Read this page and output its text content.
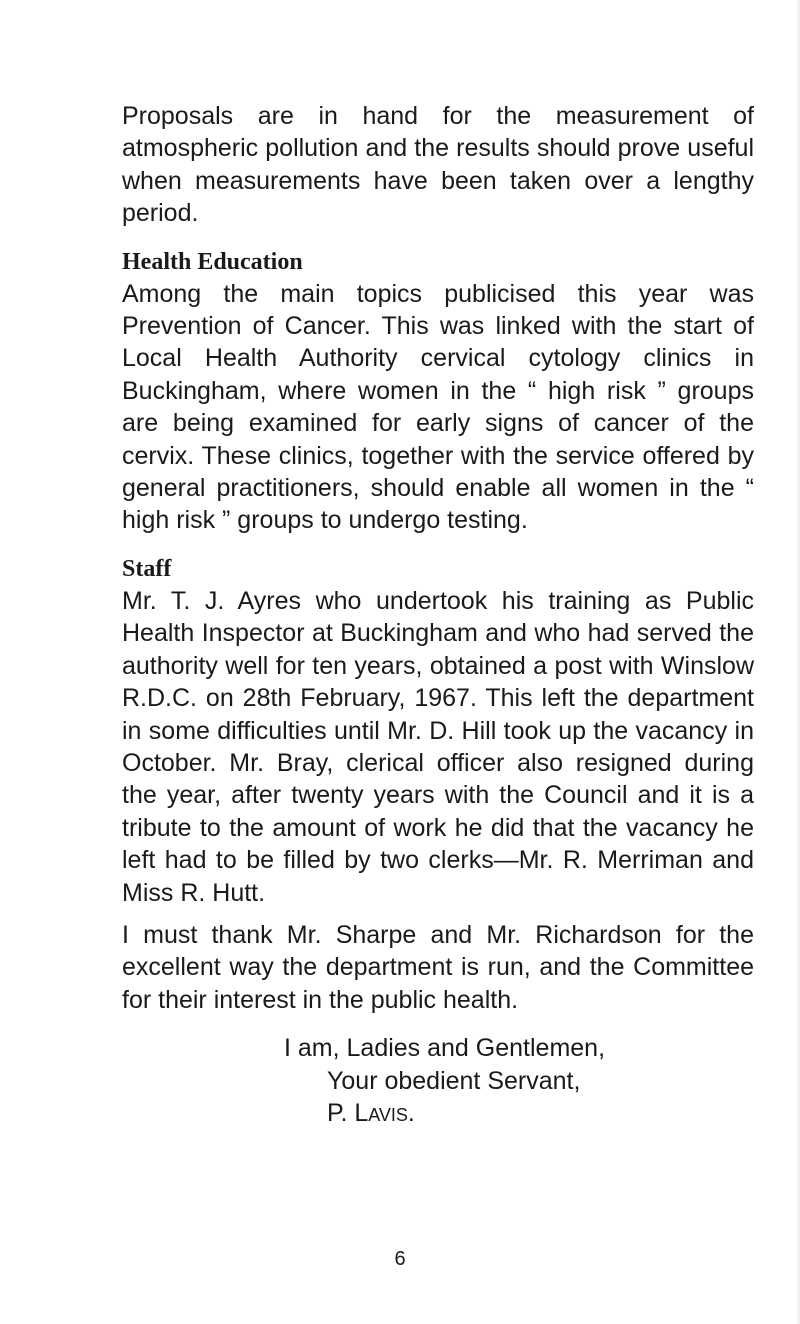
Proposals are in hand for the measurement of atmospheric pollution and the results should prove useful when measurements have been taken over a lengthy period.

Health Education

Among the main topics publicised this year was Prevention of Cancer. This was linked with the start of Local Health Authority cervical cytology clinics in Buckingham, where women in the “ high risk ” groups are being examined for early signs of cancer of the cervix. These clinics, together with the service offered by general practitioners, should enable all women in the “ high risk ” groups to undergo testing.

Staff

Mr. T. J. Ayres who undertook his training as Public Health Inspector at Buckingham and who had served the authority well for ten years, obtained a post with Winslow R.D.C. on 28th February, 1967. This left the department in some difficulties until Mr. D. Hill took up the vacancy in October. Mr. Bray, clerical officer also resigned during the year, after twenty years with the Council and it is a tribute to the amount of work he did that the vacancy he left had to be filled by two clerks—Mr. R. Merriman and Miss R. Hutt.

I must thank Mr. Sharpe and Mr. Richardson for the excellent way the department is run, and the Committee for their interest in the public health.

I am, Ladies and Gentlemen,

Your obedient Servant,

P. Lavis.

6
